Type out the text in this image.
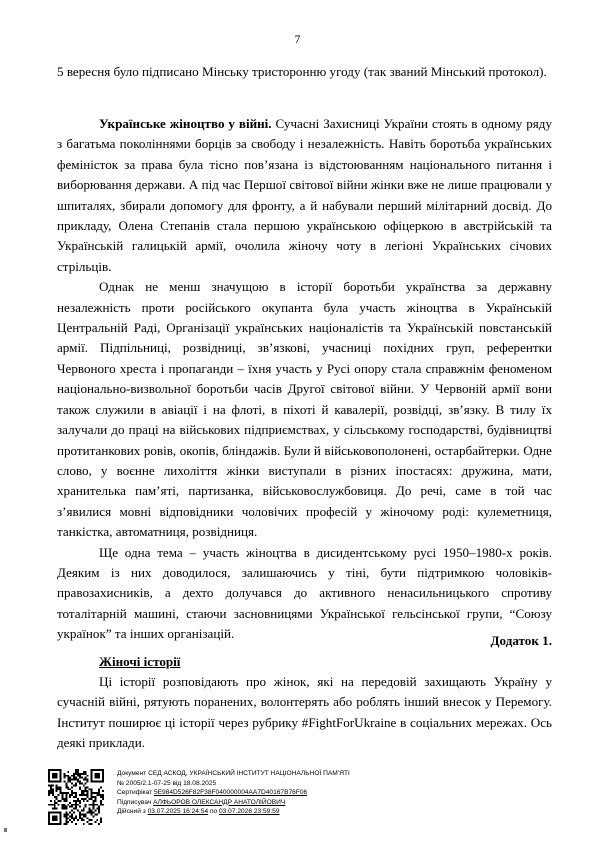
7

5 вересня було підписано Мінську тристоронню угоду (так званий Мінський протокол).

Українське жіноцтво у війні. Сучасні Захисниці України стоять в одному ряду з багатьма поколіннями борців за свободу і незалежність. Навіть боротьба українських феміністок за права була тісно пов’язана із відстоюванням національного питання і виборювання держави. А під час Першої світової війни жінки вже не лише працювали у шпиталях, збирали допомогу для фронту, а й набували перший мілітарний досвід. До прикладу, Олена Степанів стала першою українською офіцеркою в австрійській та Українській галицькій армії, очолила жіночу чоту в легіоні Українських січових стрільців.

Однак не менш значущою в історії боротьби українства за державну незалежність проти російського окупанта була участь жіноцтва в Українській Центральній Раді, Організації українських націоналістів та Українській повстанській армії. Підпільниці, розвідниці, зв’язкові, учасниці похідних груп, референтки Червоного хреста і пропаганди – їхня участь у Русі опору стала справжнім феноменом національно-визвольної боротьби часів Другої світової війни. У Червоній армії вони також служили в авіації і на флоті, в піхоті й кавалерії, розвідці, зв’язку. В тилу їх залучали до праці на військових підприємствах, у сільському господарстві, будівництві протитанкових ровів, окопів, бліндажів. Були й військовополонені, остарбайтерки. Одне слово, у воєнне лихоліття жінки виступали в різних іпостасях: дружина, мати, хранителька пам’яті, партизанка, військовослужбовиця. До речі, саме в той час з’явилися мовні відповідники чоловічих професій у жіночому роді: кулеметниця, танкістка, автоматниця, розвідниця.

Ще одна тема – участь жіноцтва в дисидентському русі 1950–1980-х років. Деяким із них доводилося, залишаючись у тіні, бути підтримкою чоловіків-правозахисників, а дехто долучався до активного ненасильницького спротиву тоталітарній машині, стаючи засновницями Української гельсінської групи, “Союзу українок” та інших організацій.	Додаток 1.
Жіночі історії

Ці історії розповідають про жінок, які на передовій захищають Україну у сучасній війні, рятують поранених, волонтерять або роблять інший внесок у Перемогу. Інститут поширює ці історії через рубрику #FightForUkraine в соціальних мережах. Ось деякі приклади.

Документ СЕД АСКОД, УКРАЇНСЬКИЙ ІНСТИТУТ НАЦІОНАЛЬНОЇ ПАМ’ЯТІ
№ 2005/2.1-07-25 від 18.08.2025
Сертифікат 5E984D526F82F38F040000004AA7D40167B76F06
Підписувач АЛФЬОРОВ ОЛЕКСАНДР АНАТОЛІЙОВИЧ
Дійсний з 03.07.2025 16:24:54 по 03.07.2026 23:59:59
